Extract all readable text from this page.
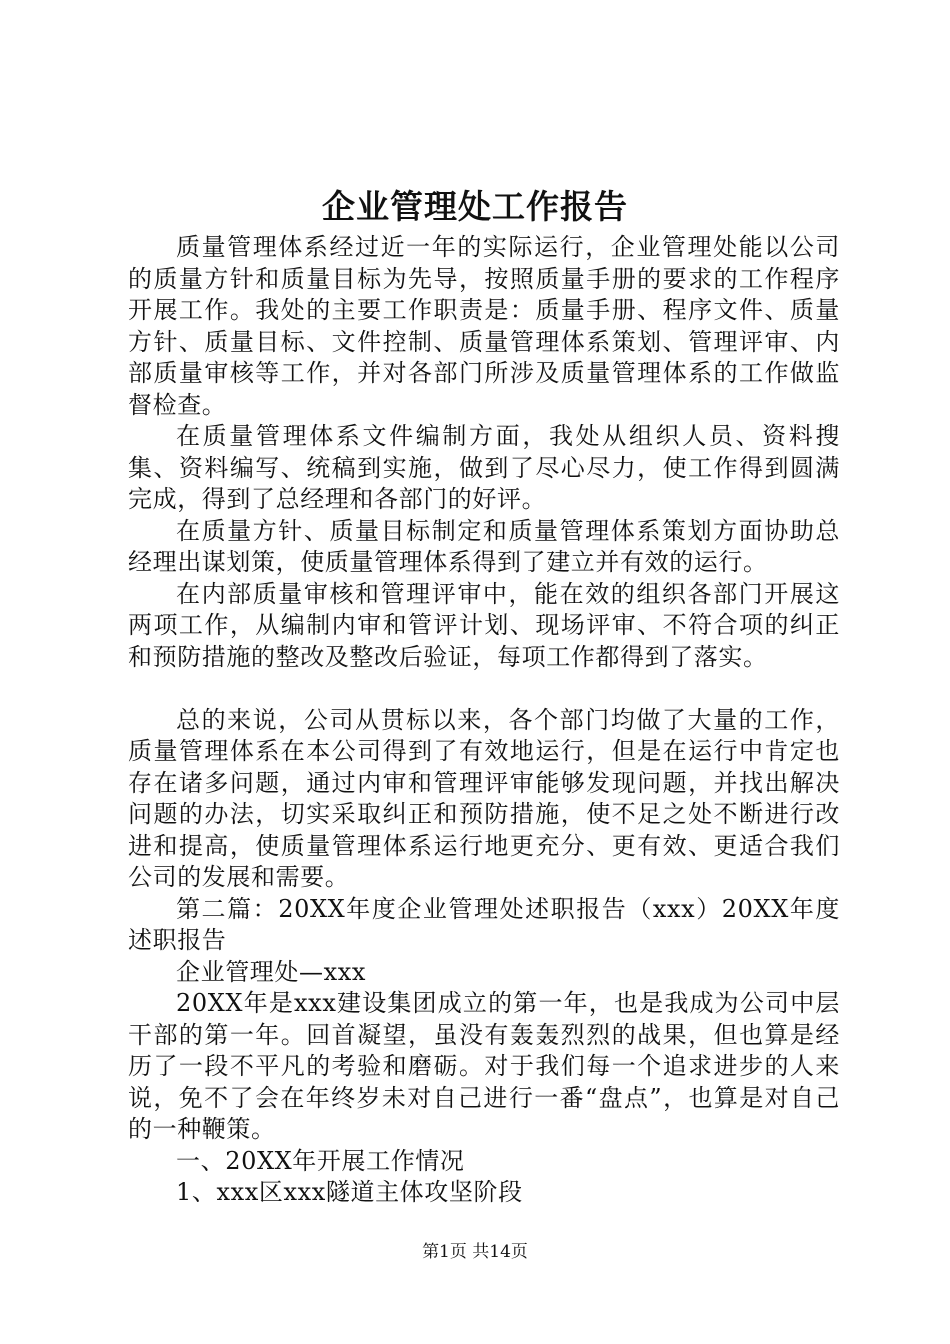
企业管理处工作报告

质量管理体系经过近一年的实际运行，企业管理处能以公司的质量方针和质量目标为先导，按照质量手册的要求的工作程序开展工作。我处的主要工作职责是：质量手册、程序文件、质量方针、质量目标、文件控制、质量管理体系策划、管理评审、内部质量审核等工作，并对各部门所涉及质量管理体系的工作做监督检查。

在质量管理体系文件编制方面，我处从组织人员、资料搜集、资料编写、统稿到实施，做到了尽心尽力，使工作得到圆满完成，得到了总经理和各部门的好评。

在质量方针、质量目标制定和质量管理体系策划方面协助总经理出谋划策，使质量管理体系得到了建立并有效的运行。

在内部质量审核和管理评审中，能在效的组织各部门开展这两项工作，从编制内审和管评计划、现场评审、不符合项的纠正和预防措施的整改及整改后验证，每项工作都得到了落实。

总的来说，公司从贯标以来，各个部门均做了大量的工作，质量管理体系在本公司得到了有效地运行，但是在运行中肯定也存在诸多问题，通过内审和管理评审能够发现问题，并找出解决问题的办法，切实采取纠正和预防措施，使不足之处不断进行改进和提高，使质量管理体系运行地更充分、更有效、更适合我们公司的发展和需要。

第二篇：20XX年度企业管理处述职报告（xxx）20XX年度述职报告

企业管理处—xxx

20XX年是xxx建设集团成立的第一年，也是我成为公司中层干部的第一年。回首凝望，虽没有轰轰烈烈的战果，但也算是经历了一段不平凡的考验和磨砺。对于我们每一个追求进步的人来说，免不了会在年终岁未对自己进行一番“盘点”，也算是对自己的一种鞭策。

一、20XX年开展工作情况

1、xxx区xxx隧道主体攻坚阶段

第1页 共14页
